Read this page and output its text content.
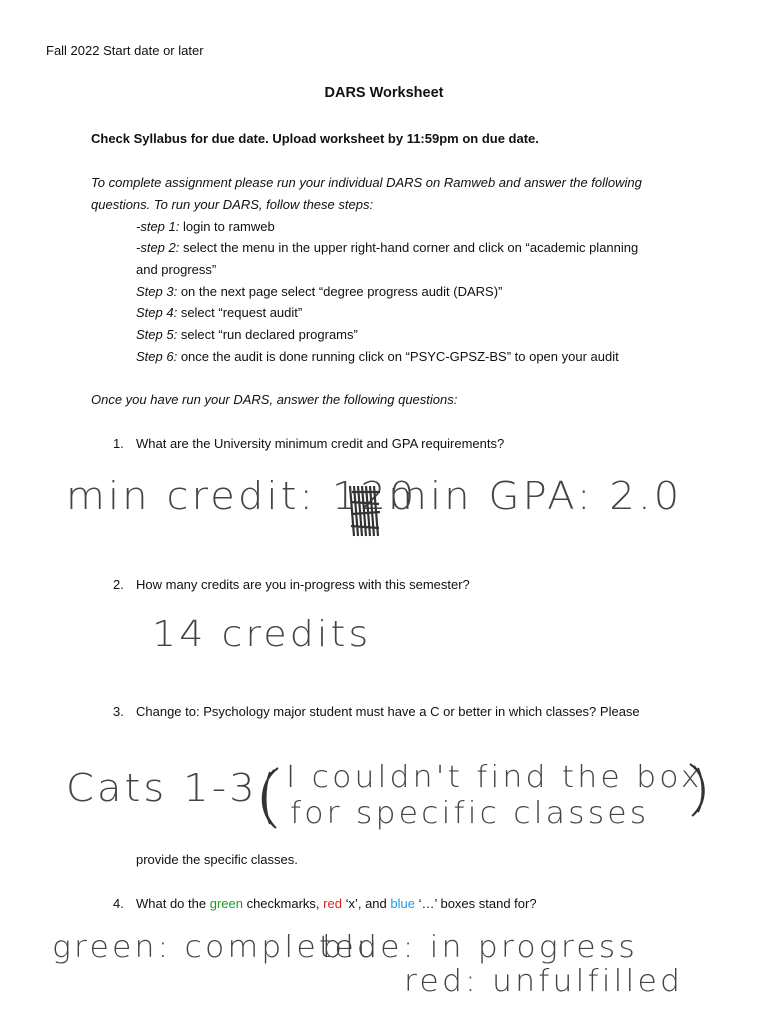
Fall 2022 Start date or later
DARS Worksheet
Check Syllabus for due date. Upload worksheet by 11:59pm on due date.
To complete assignment please run your individual DARS on Ramweb and answer the following
questions. To run your DARS, follow these steps:
-step 1: login to ramweb
-step 2: select the menu in the upper right-hand corner and click on “academic planning
and progress”
Step 3: on the next page select “degree progress audit (DARS)”
Step 4: select “request audit”
Step 5: select “run declared programs”
Step 6: once the audit is done running click on “PSYC-GPSZ-BS” to open your audit
Once you have run your DARS, answer the following questions:
1. What are the University minimum credit and GPA requirements?
min credit: 120
min GPA: 2.0
2. How many credits are you in-progress with this semester?
14 credits
3. Change to: Psychology major student must have a C or better in which classes? Please
Cats 1-3 I couldn't find the box
for specific classes
provide the specific classes.
4. What do the green checkmarks, red ‘x’, and blue ‘…’ boxes stand for?
green: completed
blue: in progress
red: unfulfilled
